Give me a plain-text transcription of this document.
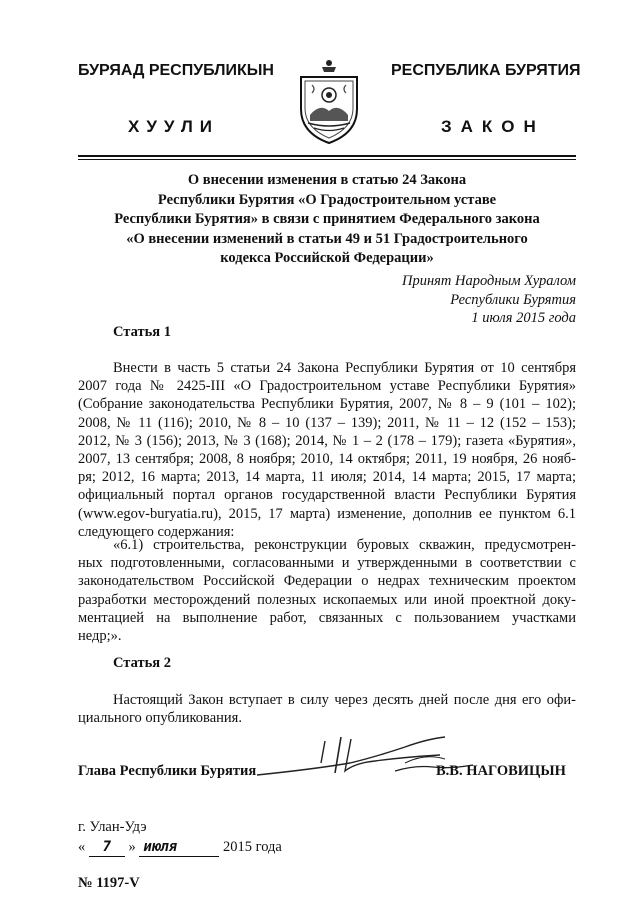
БУРЯАД РЕСПУБЛИКЫН	РЕСПУБЛИКА БУРЯТИЯ
ХУУЛИ	ЗАКОН
О внесении изменения в статью 24 Закона
Республики Бурятия «О Градостроительном уставе
Республики Бурятия» в связи с принятием Федерального закона
«О внесении изменений в статьи 49 и 51 Градостроительного
кодекса Российской Федерации»
Принят Народным Хуралом
Республики Бурятия
1 июля 2015 года
Статья 1
Внести в часть 5 статьи 24 Закона Республики Бурятия от 10 сентября
2007 года № 2425-III «О Градостроительном уставе Республики Бурятия»
(Собрание законодательства Республики Бурятия, 2007, № 8 – 9 (101 – 102);
2008, № 11 (116); 2010, № 8 – 10 (137 – 139); 2011, № 11 – 12 (152 – 153);
2012, № 3 (156); 2013, № 3 (168); 2014, № 1 – 2 (178 – 179); газета «Бурятия»,
2007, 13 сентября; 2008, 8 ноября; 2010, 14 октября; 2011, 19 ноября, 26 нояб-
ря; 2012, 16 марта; 2013, 14 марта, 11 июля; 2014, 14 марта; 2015, 17 марта;
официальный портал органов государственной власти Республики Бурятия
(www.egov-buryatia.ru), 2015, 17 марта) изменение, дополнив ее пунктом 6.1
следующего содержания:
«6.1) строительства, реконструкции буровых скважин, предусмотрен-
ных подготовленными, согласованными и утвержденными в соответствии с
законодательством Российской Федерации о недрах техническим проектом
разработки месторождений полезных ископаемых или иной проектной доку-
ментацией на выполнение работ, связанных с пользованием участками
недр;».
Статья 2
Настоящий Закон вступает в силу через десять дней после дня его офи-
циального опубликования.
Глава Республики Бурятия	В.В. НАГОВИЦЫН
г. Улан-Удэ
« 7 » июля	2015 года
№ 1197-V
